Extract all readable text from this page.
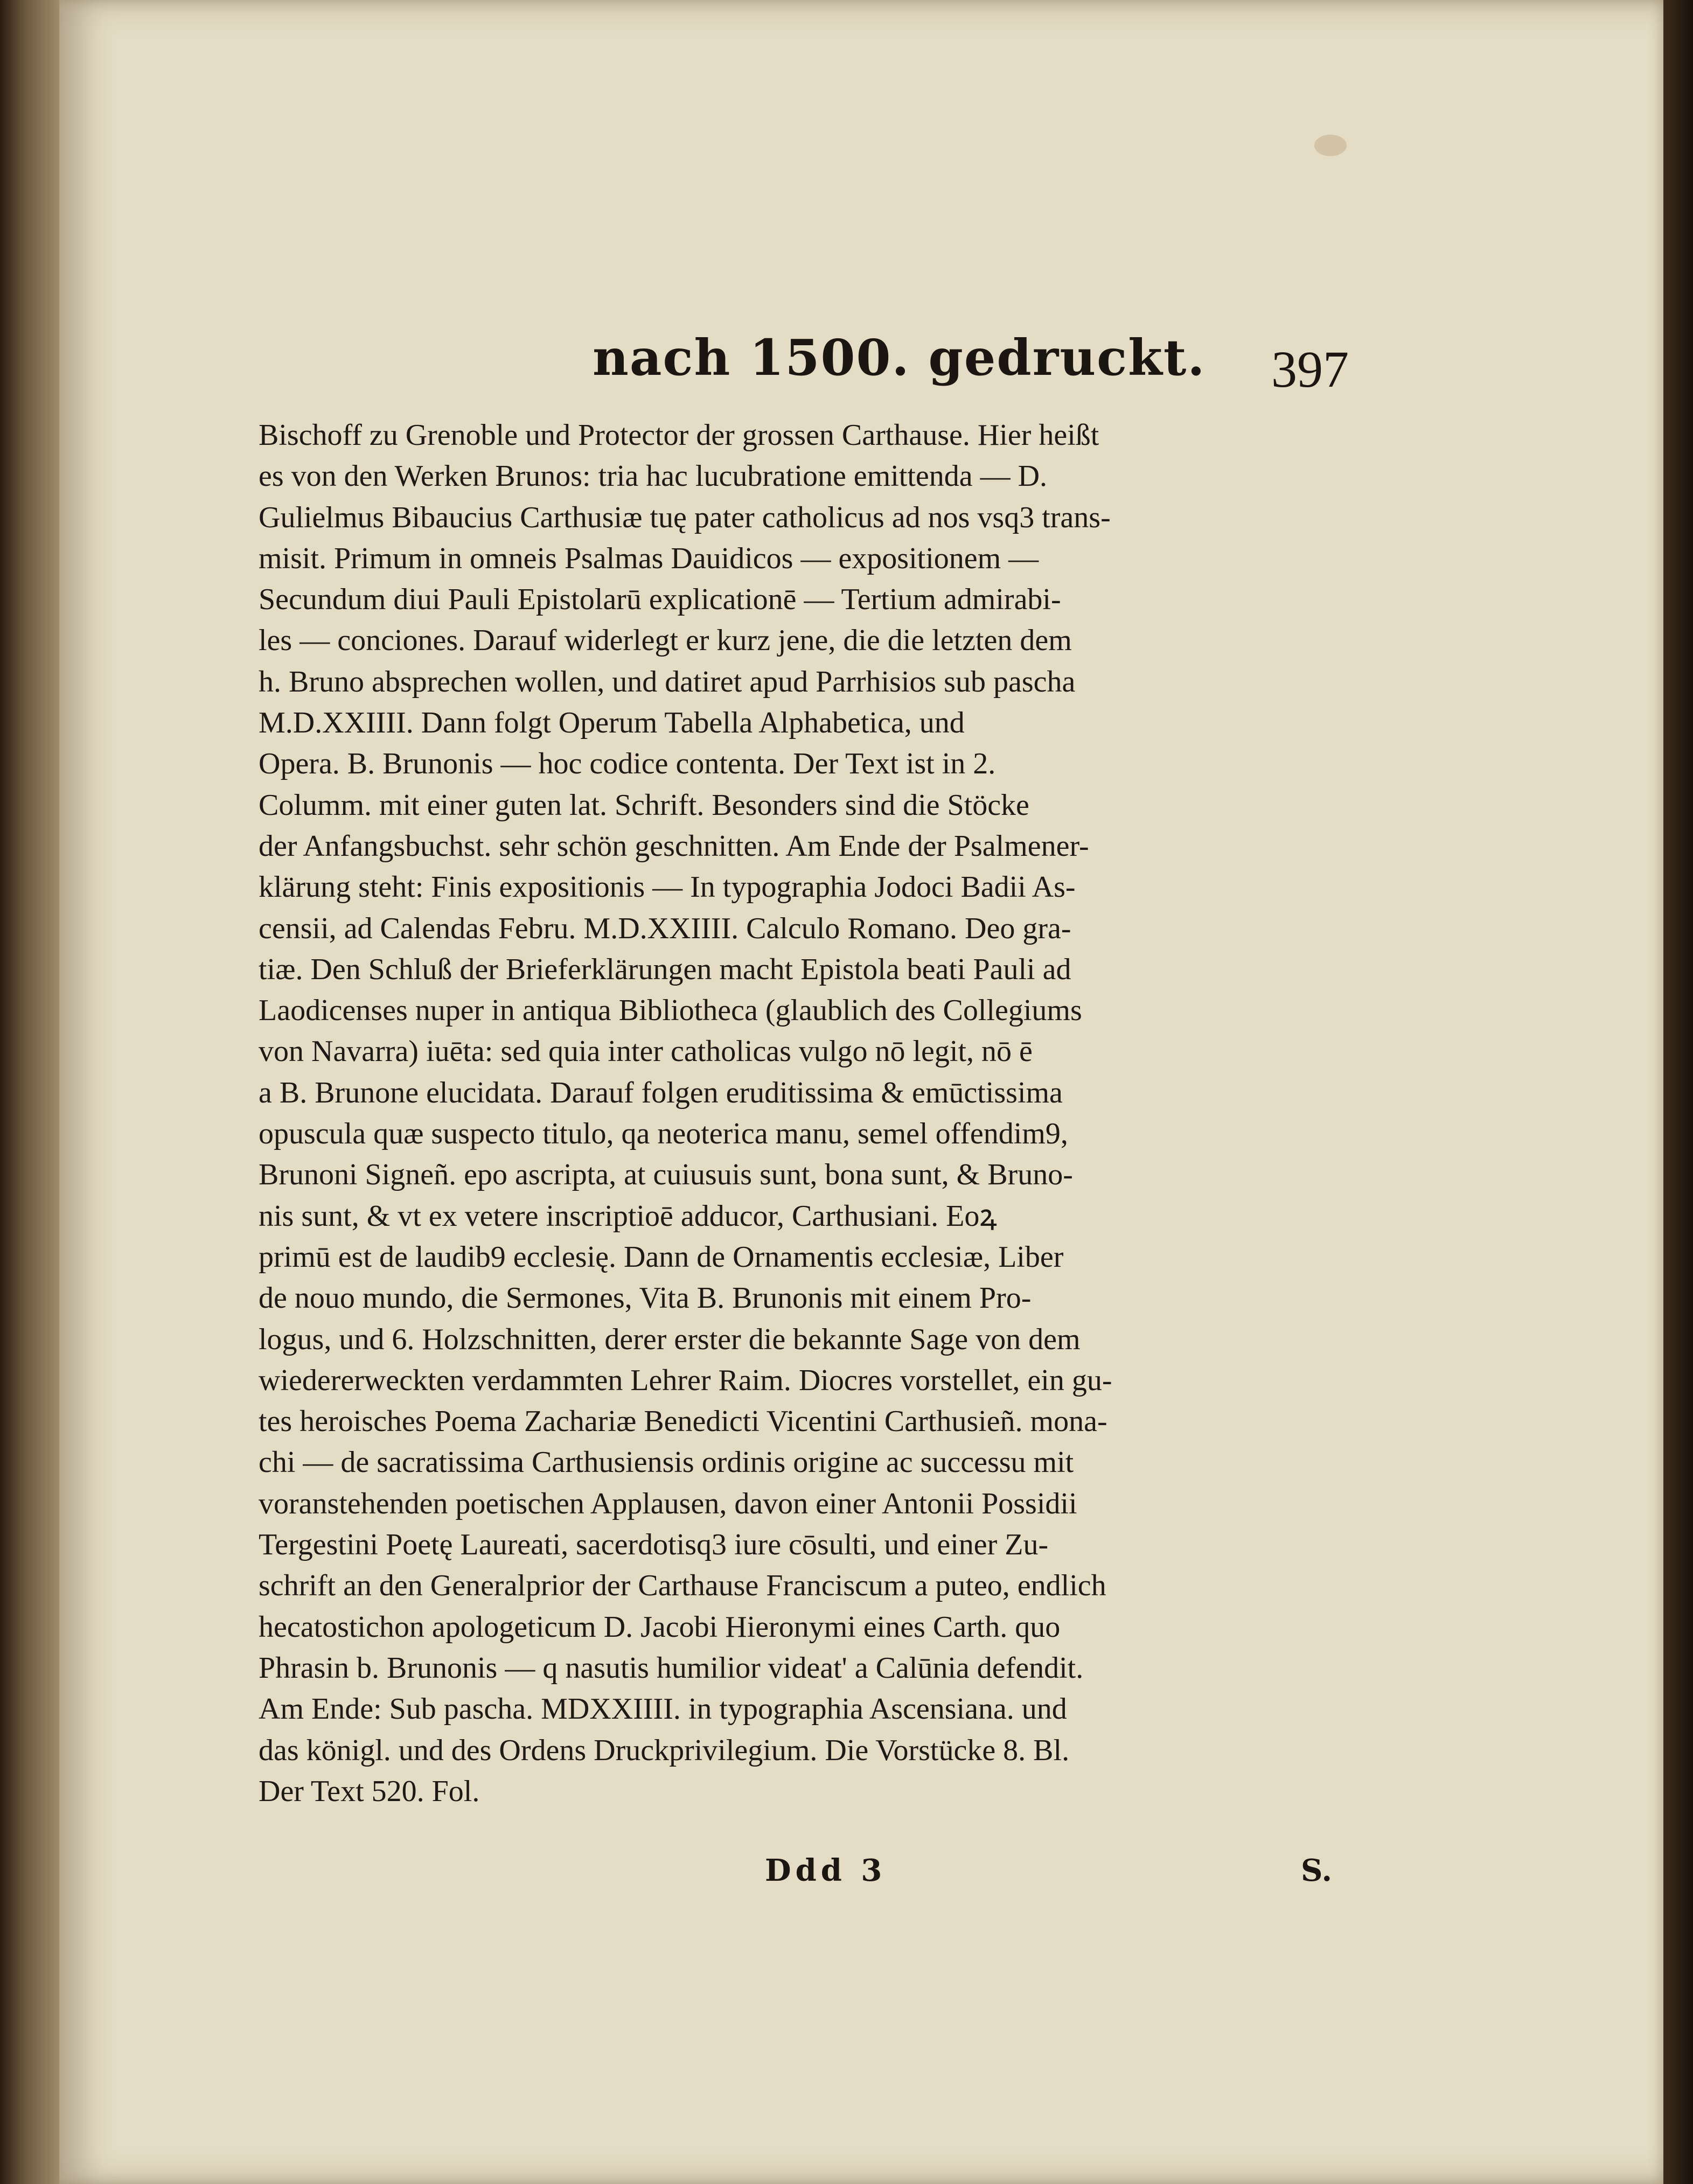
nach 1500. gedruckt. 397
Bischoff zu Grenoble und Protector der grossen Carthause. Hier heißt
es von den Werken Brunos: tria hac lucubratione emittenda — D.
Gulielmus Bibaucius Carthusiæ tuę pater catholicus ad nos vsq3 trans-
misit. Primum in omneis Psalmas Dauidicos — expositionem —
Secundum diui Pauli Epistolarū explicationē — Tertium admirabi-
les — conciones. Darauf widerlegt er kurz jene, die die letzten dem
h. Bruno absprechen wollen, und datiret apud Parrhisios sub pascha
M.D.XXIIII. Dann folgt Operum Tabella Alphabetica, und
Opera. B. Brunonis — hoc codice contenta. Der Text ist in 2.
Columm. mit einer guten lat. Schrift. Besonders sind die Stöcke
der Anfangsbuchst. sehr schön geschnitten. Am Ende der Psalmener-
klärung steht: Finis expositionis — In typographia Jodoci Badii As-
censii, ad Calendas Febru. M.D.XXIIII. Calculo Romano. Deo gra-
tiæ. Den Schluß der Brieferklärungen macht Epistola beati Pauli ad
Laodicenses nuper in antiqua Bibliotheca (glaublich des Collegiums
von Navarra) iuēta: sed quia inter catholicas vulgo nō legit, nō ē
a B. Brunone elucidata. Darauf folgen eruditissima & emūctissima
opuscula quæ suspecto titulo, qa neoterica manu, semel offendim9,
Brunoni Signeñ. epo ascripta, at cuiusuis sunt, bona sunt, & Bruno-
nis sunt, & vt ex vetere inscriptioē adducor, Carthusiani. Eoꝝ
primū est de laudib9 ecclesię. Dann de Ornamentis ecclesiæ, Liber
de nouo mundo, die Sermones, Vita B. Brunonis mit einem Pro-
logus, und 6. Holzschnitten, derer erster die bekannte Sage von dem
wiedererweckten verdammten Lehrer Raim. Diocres vorstellet, ein gu-
tes heroisches Poema Zachariæ Benedicti Vicentini Carthusieñ. mona-
chi — de sacratissima Carthusiensis ordinis origine ac successu mit
voranstehenden poetischen Applausen, davon einer Antonii Possidii
Tergestini Poetę Laureati, sacerdotisq3 iure cōsulti, und einer Zu-
schrift an den Generalprior der Carthause Franciscum a puteo, endlich
hecatostichon apologeticum D. Jacobi Hieronymi eines Carth. quo
Phrasin b. Brunonis — q nasutis humilior videat' a Calūnia defendit.
Am Ende: Sub pascha. MDXXIIII. in typographia Ascensiana. und
das königl. und des Ordens Druckprivilegium. Die Vorstücke 8. Bl.
Der Text 520. Fol.
Ddd 3	S.
